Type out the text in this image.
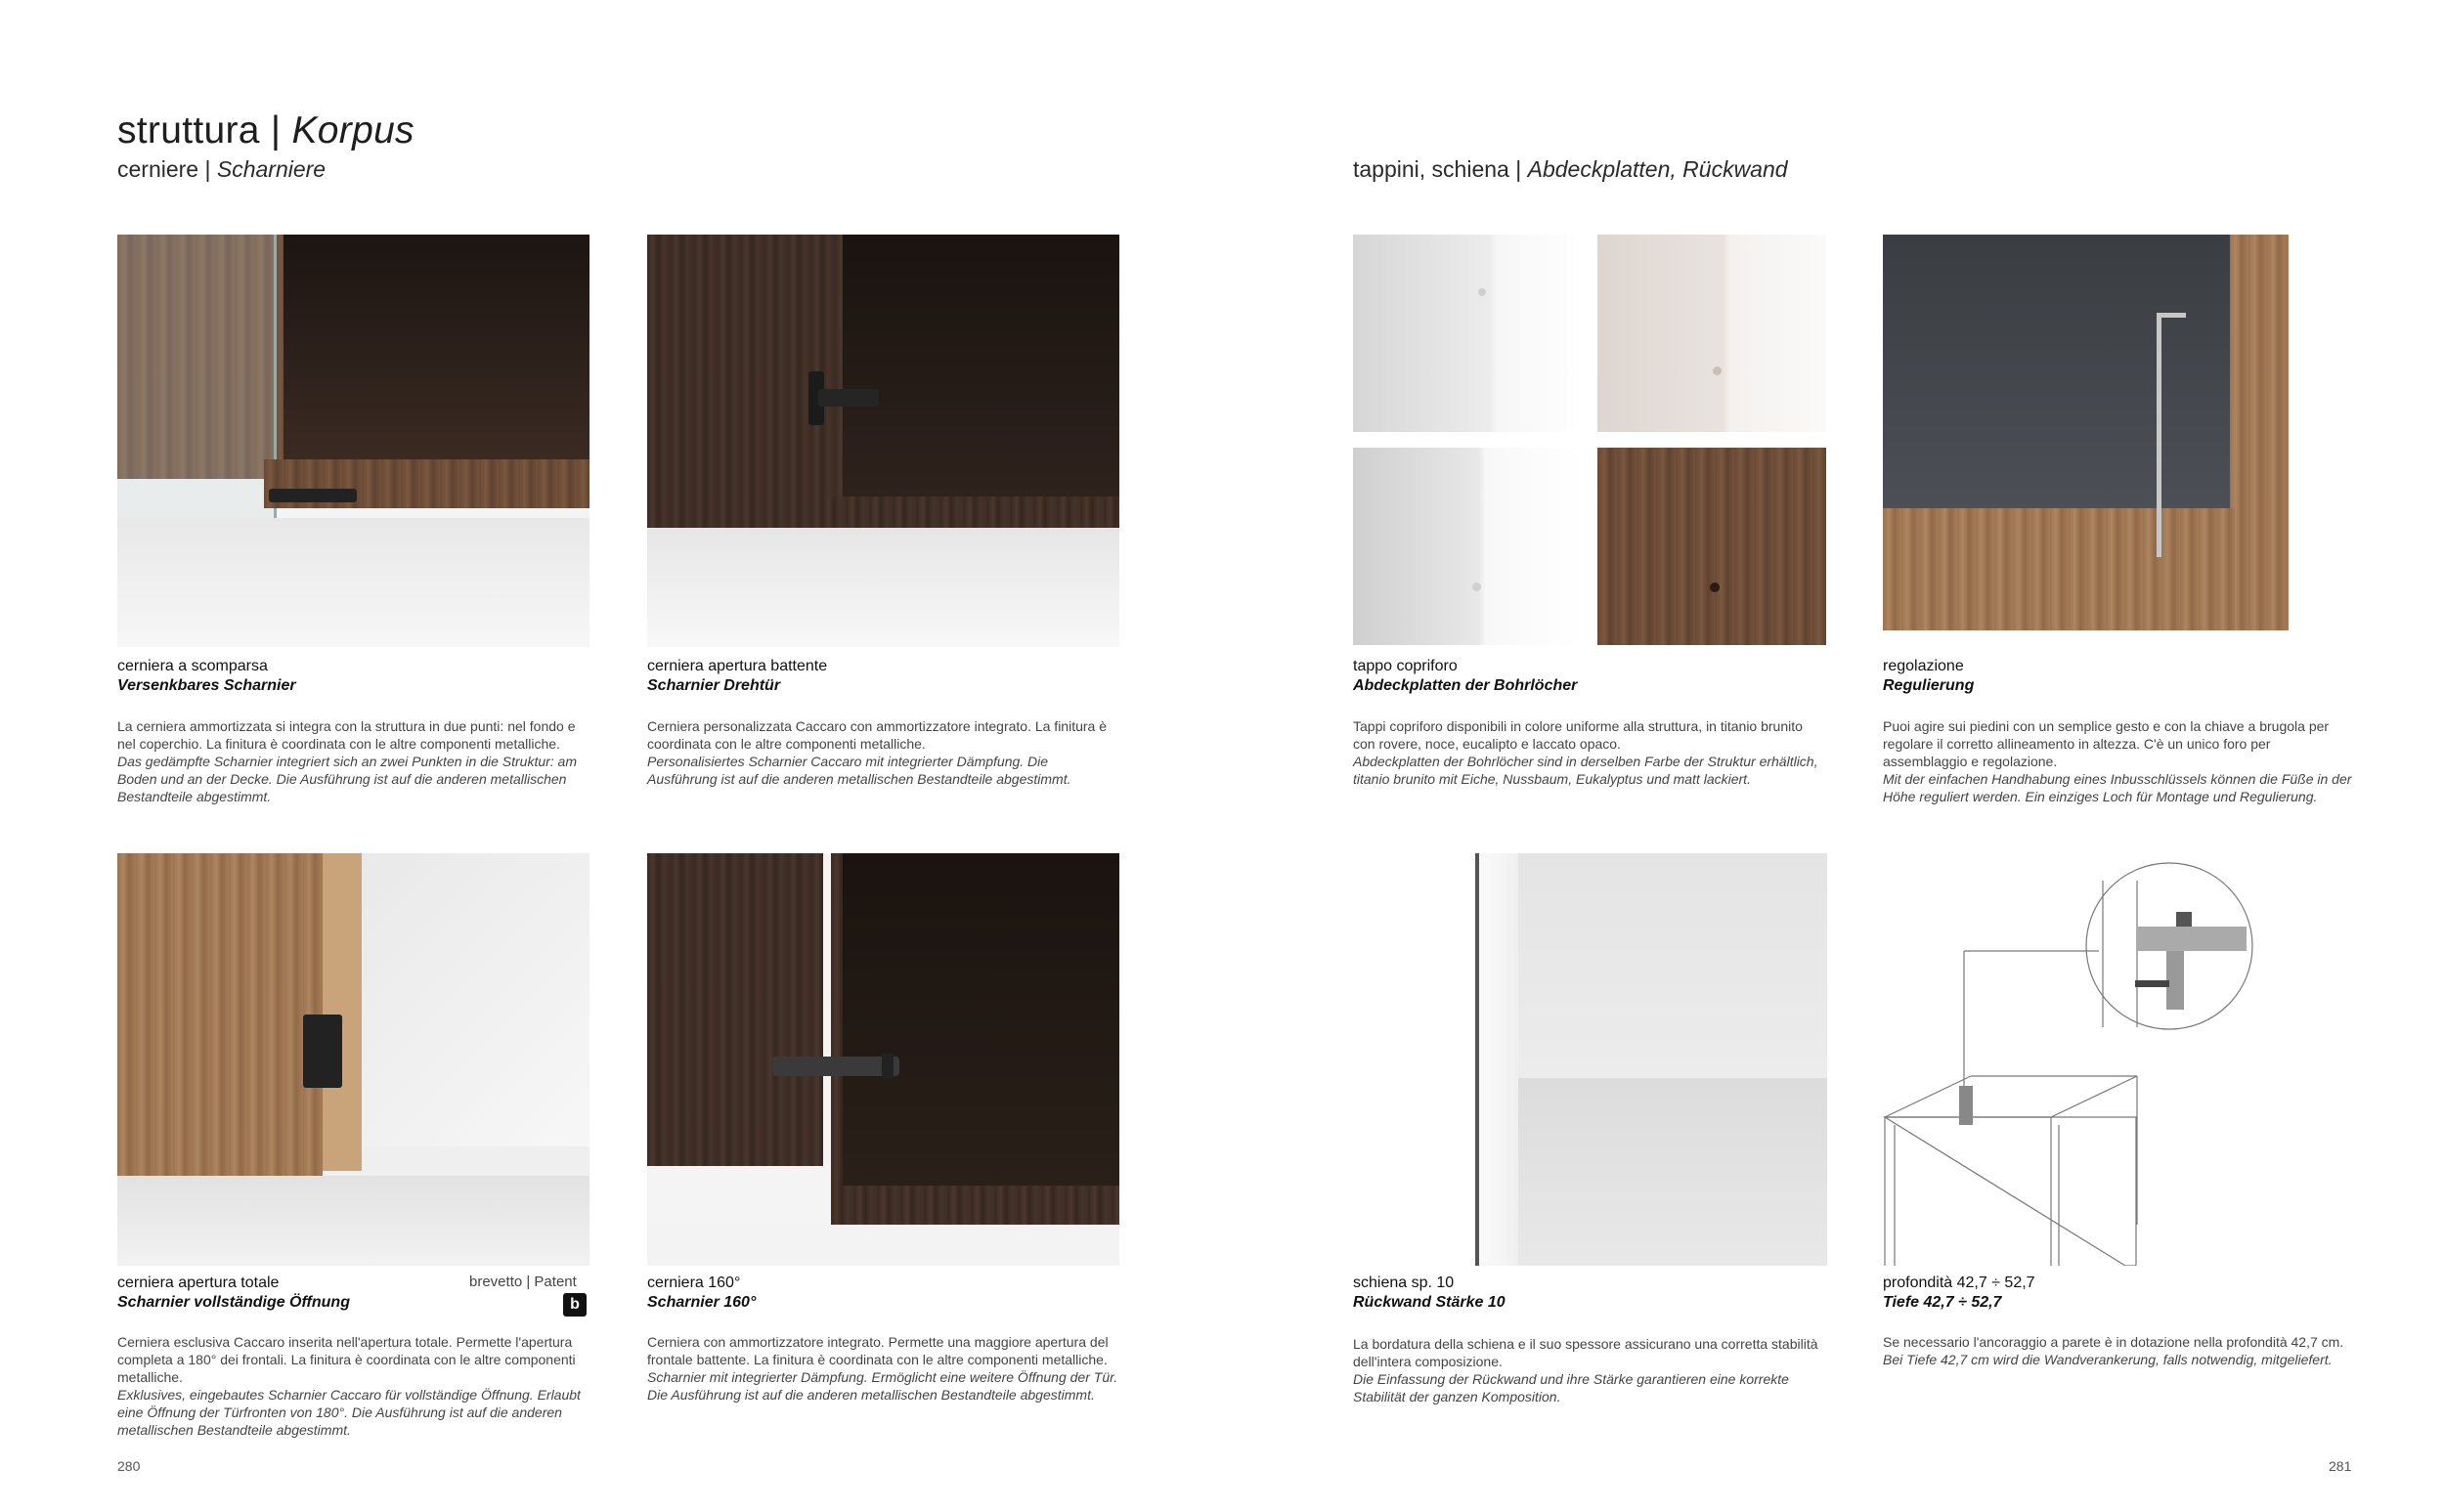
struttura | Korpus
cerniere | Scharniere	tappini, schiena | Abdeckplatten, Rückwand
cerniera a scomparsa
Versenkbares Scharnier

La cerniera ammortizzata si integra con la struttura in due punti: nel fondo e nel coperchio. La finitura è coordinata con le altre componenti metalliche.

Das gedämpfte Scharnier integriert sich an zwei Punkten in die Struktur: am Boden und an der Decke. Die Ausführung ist auf die anderen metallischen Bestandteile abgestimmt.

cerniera apertura battente
Scharnier Drehtür

Cerniera personalizzata Caccaro con ammortizzatore integrato. La finitura è coordinata con le altre componenti metalliche.

Personalisiertes Scharnier Caccaro mit integrierter Dämpfung. Die Ausführung ist auf die anderen metallischen Bestandteile abgestimmt.

tappo copriforo
Abdeckplatten der Bohrlöcher

Tappi copriforo disponibili in colore uniforme alla struttura, in titanio brunito con rovere, noce, eucalipto e laccato opaco.

Abdeckplatten der Bohrlöcher sind in derselben Farbe der Struktur erhältlich, titanio brunito mit Eiche, Nussbaum, Eukalyptus und matt lackiert.

regolazione
Regulierung

Puoi agire sui piedini con un semplice gesto e con la chiave a brugola per regolare il corretto allineamento in altezza. C'è un unico foro per assemblaggio e regolazione.

Mit der einfachen Handhabung eines Inbusschlüssels können die Füße in der Höhe reguliert werden. Ein einziges Loch für Montage und Regulierung.

cerniera apertura totale	brevetto | Patent
b
Scharnier vollständige Öffnung

Cerniera esclusiva Caccaro inserita nell'apertura totale. Permette l'apertura completa a 180° dei frontali. La finitura è coordinata con le altre componenti metalliche.

Exklusives, eingebautes Scharnier Caccaro für vollständige Öffnung. Erlaubt eine Öffnung der Türfronten von 180°. Die Ausführung ist auf die anderen metallischen Bestandteile abgestimmt.

cerniera 160°
Scharnier 160°

Cerniera con ammortizzatore integrato. Permette una maggiore apertura del frontale battente. La finitura è coordinata con le altre componenti metalliche.

Scharnier mit integrierter Dämpfung. Ermöglicht eine weitere Öffnung der Tür. Die Ausführung ist auf die anderen metallischen Bestandteile abgestimmt.

schiena sp. 10
Rückwand Stärke 10

La bordatura della schiena e il suo spessore assicurano una corretta stabilità dell'intera composizione.

Die Einfassung der Rückwand und ihre Stärke garantieren eine korrekte Stabilität der ganzen Komposition.

profondità 42,7 ÷ 52,7
Tiefe 42,7 ÷ 52,7

Se necessario l'ancoraggio a parete è in dotazione nella profondità 42,7 cm.

Bei Tiefe 42,7 cm wird die Wandverankerung, falls notwendig, mitgeliefert.

280	281
